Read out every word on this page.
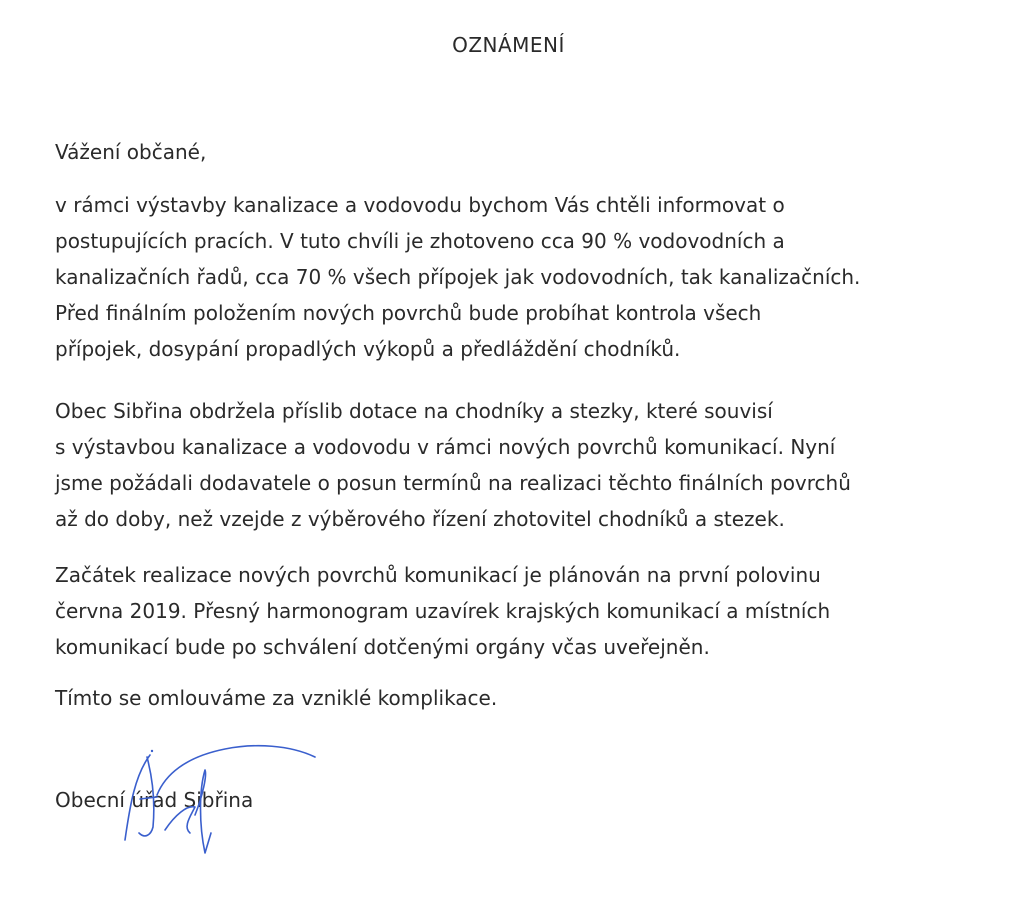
OZNÁMENÍ
Vážení občané,

v rámci výstavby kanalizace a vodovodu bychom Vás chtěli informovat o
postupujících pracích. V tuto chvíli je zhotoveno cca 90 % vodovodních a
kanalizačních řadů, cca 70 % všech přípojek jak vodovodních, tak kanalizačních.
Před finálním položením nových povrchů bude probíhat kontrola všech
přípojek, dosypání propadlých výkopů a předláždění chodníků.

Obec Sibřina obdržela příslib dotace na chodníky a stezky, které souvisí
s výstavbou kanalizace a vodovodu v rámci nových povrchů komunikací. Nyní
jsme požádali dodavatele o posun termínů na realizaci těchto finálních povrchů
až do doby, než vzejde z výběrového řízení zhotovitel chodníků a stezek.

Začátek realizace nových povrchů komunikací je plánován na první polovinu
června 2019. Přesný harmonogram uzavírek krajských komunikací a místních
komunikací bude po schválení dotčenými orgány včas uveřejněn.

Tímto se omlouváme za vzniklé komplikace.

Obecní úřad Sibřina
